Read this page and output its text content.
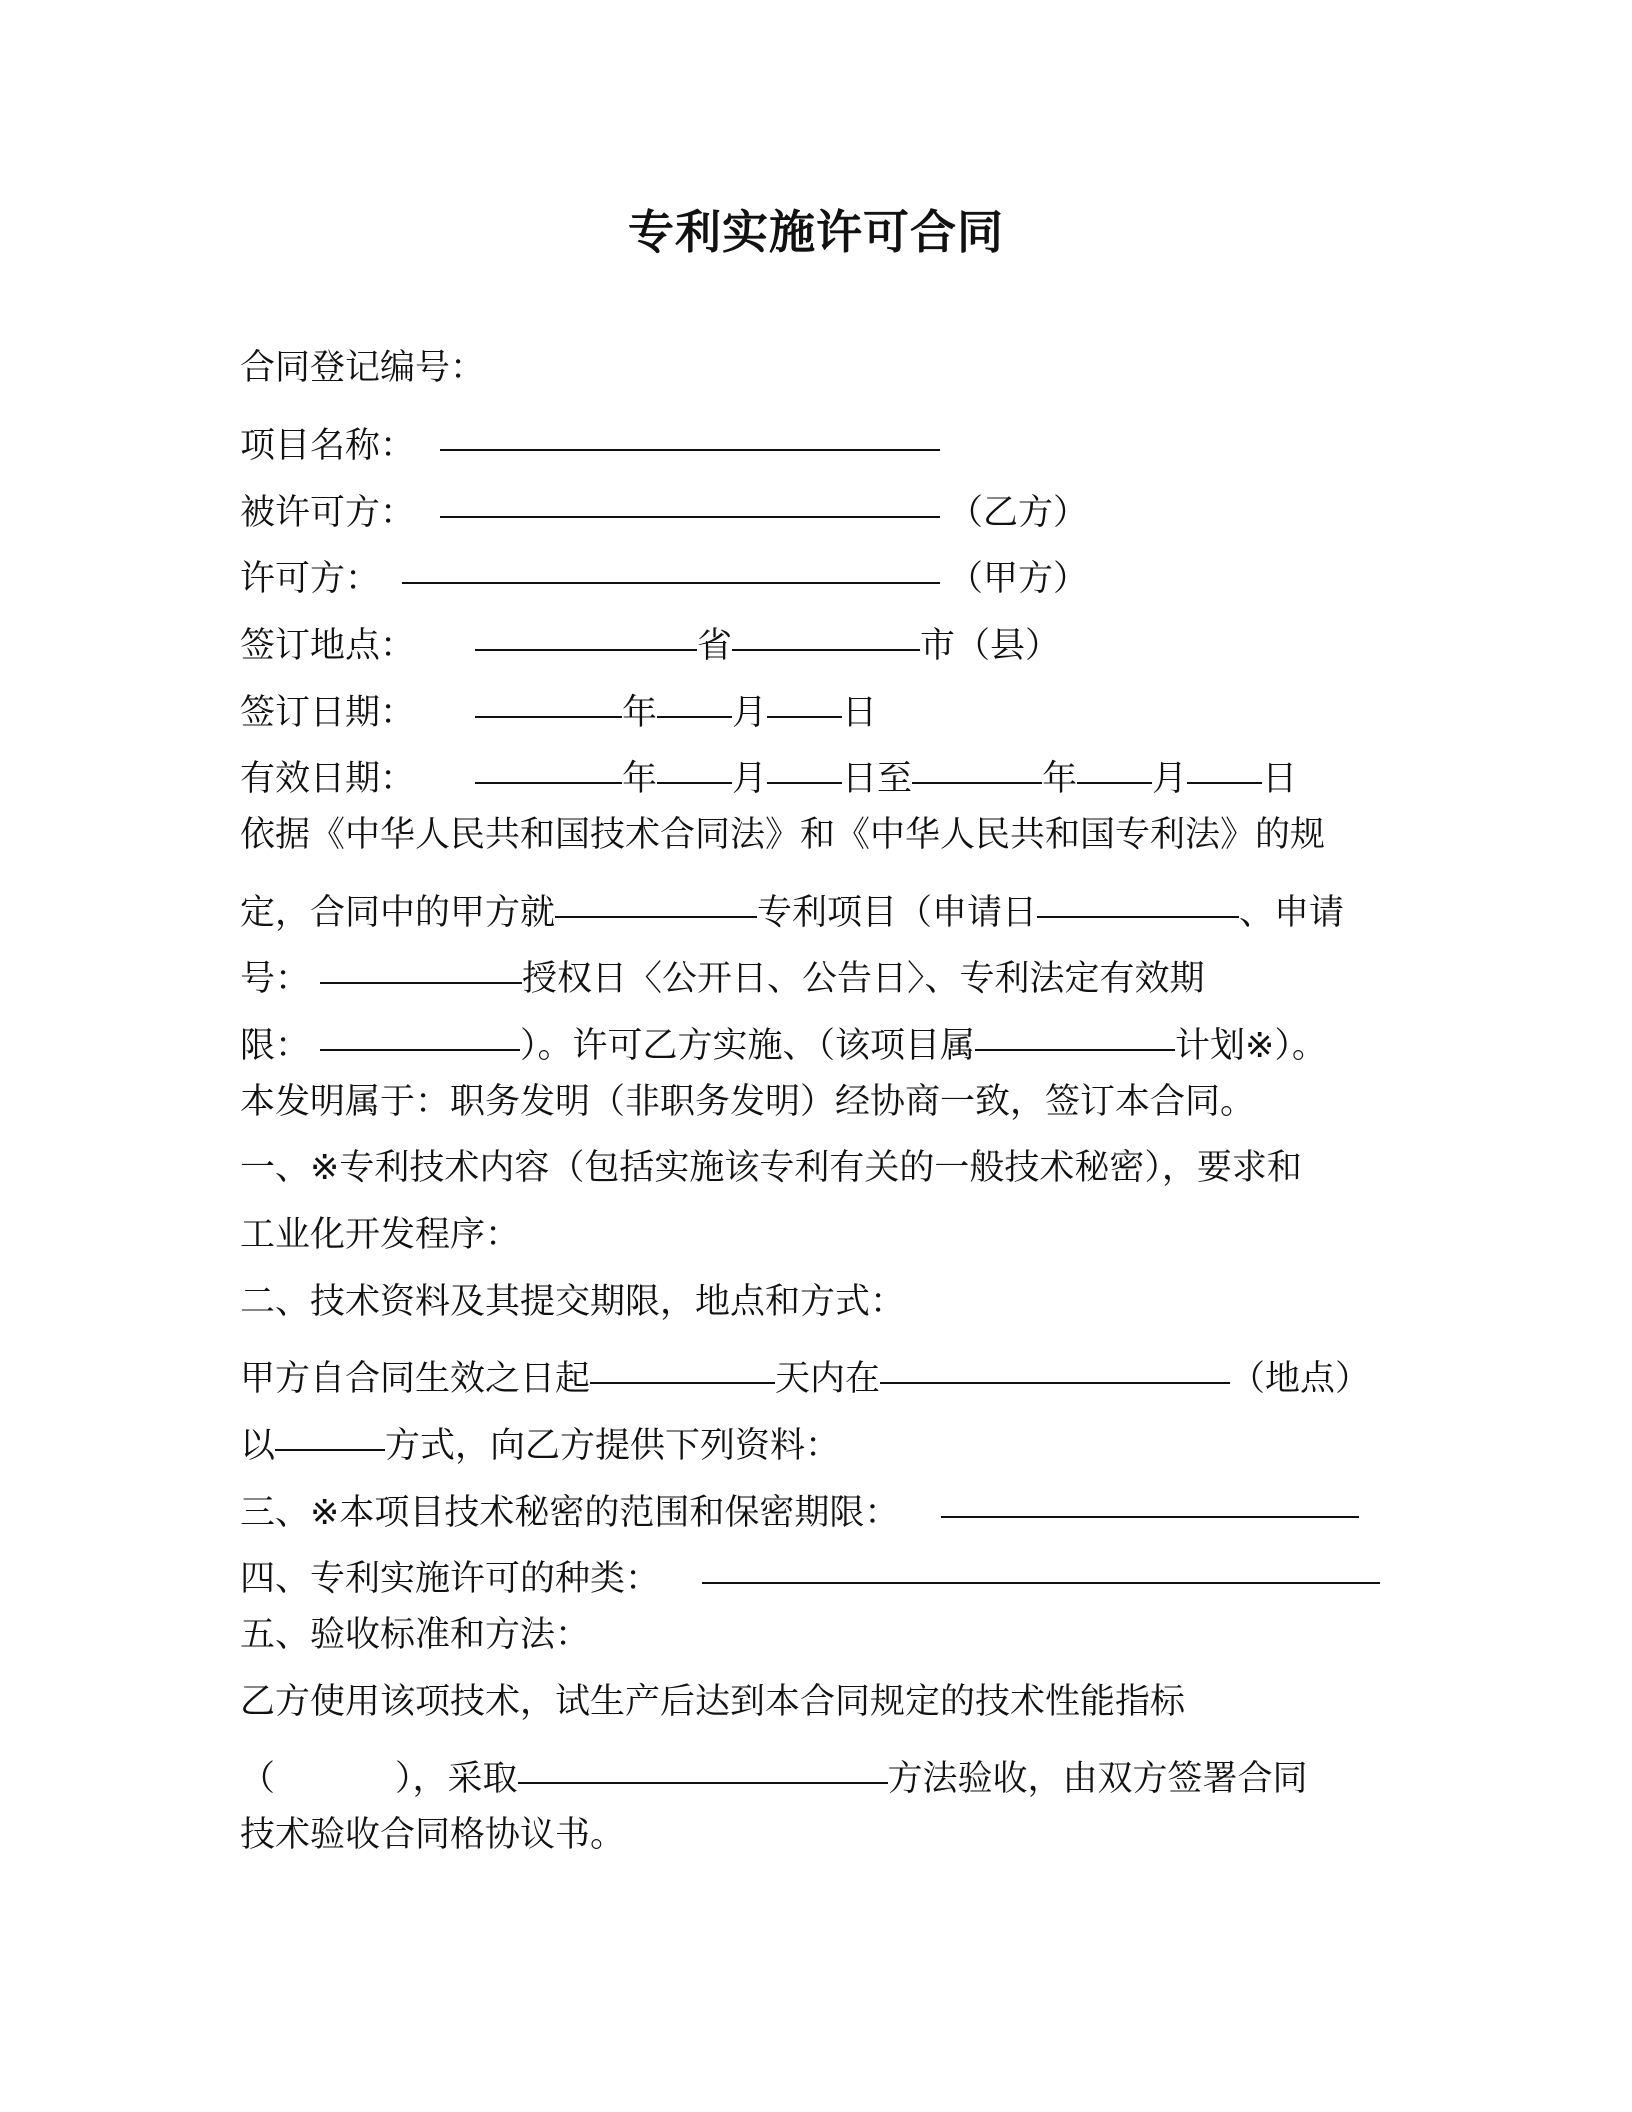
专利实施许可合同
合同登记编号：
项目名称：
被许可方：	（乙方）
许可方：	（甲方）
签订地点：	省	市（县）
签订日期：	年 月 日
有效日期：	年 月 日至	年 月 日
依据《中华人民共和国技术合同法》和《中华人民共和国专利法》的规
定，合同中的甲方就	专利项目（申请日	、申请
号：	授权日〈公开日、公告日〉、专利法定有效期
限：	）。许可乙方实施、（该项目属	计划※）。
本发明属于：职务发明（非职务发明）经协商一致，签订本合同。
一、※专利技术内容（包括实施该专利有关的一般技术秘密），要求和
工业化开发程序：
二、技术资料及其提交期限，地点和方式：
甲方自合同生效之日起	天内在	（地点）
以	方式，向乙方提供下列资料：
三、※本项目技术秘密的范围和保密期限：
四、专利实施许可的种类：
五、验收标准和方法：
乙方使用该项技术，试生产后达到本合同规定的技术性能指标
（	），采取	方法验收，由双方签署合同
技术验收合同格协议书。
